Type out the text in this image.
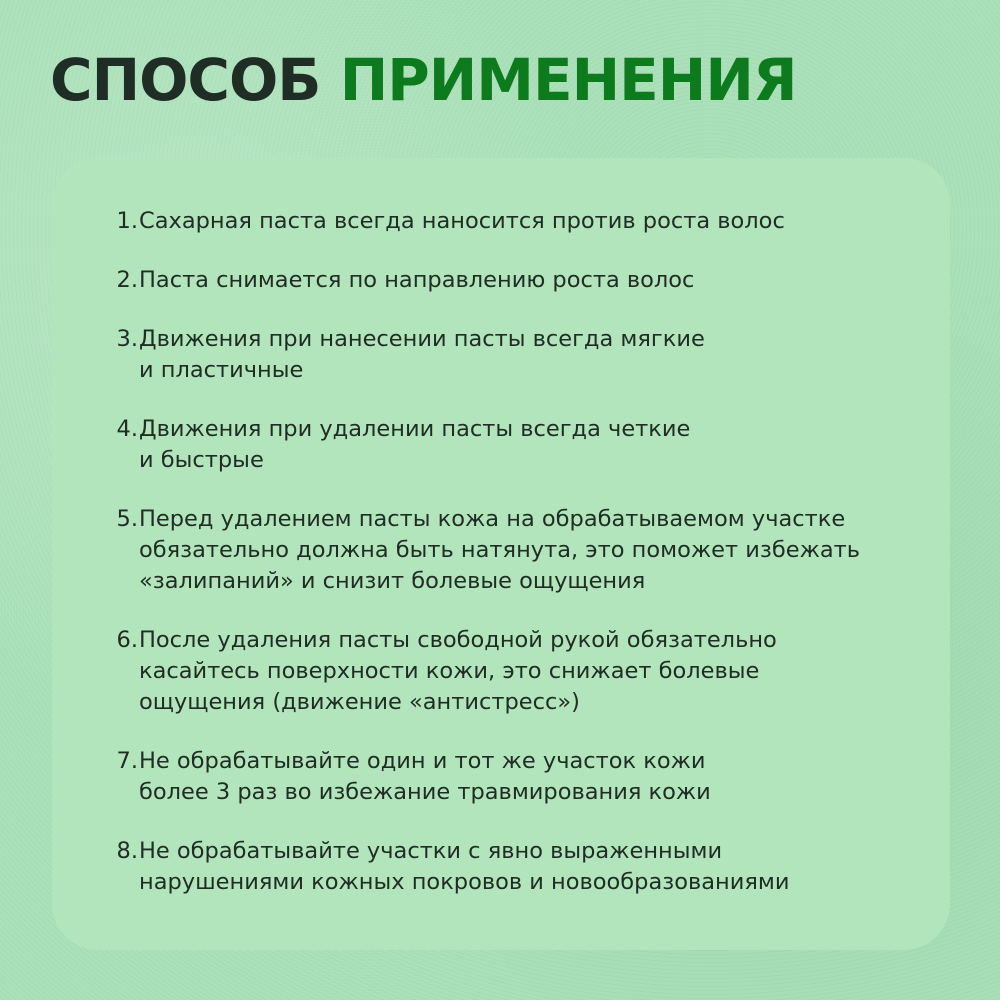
СПОСОБ ПРИМЕНЕНИЯ
1. Сахарная паста всегда наносится против роста волос
2. Паста снимается по направлению роста волос
3. Движения при нанесении пасты всегда мягкие
и пластичные
4. Движения при удалении пасты всегда четкие
и быстрые
5. Перед удалением пасты кожа на обрабатываемом участке
обязательно должна быть натянута, это поможет избежать
«залипаний» и снизит болевые ощущения
6. После удаления пасты свободной рукой обязательно
касайтесь поверхности кожи, это снижает болевые
ощущения (движение «антистресс»)
7. Не обрабатывайте один и тот же участок кожи
более 3 раз во избежание травмирования кожи
8. Не обрабатывайте участки с явно выраженными
нарушениями кожных покровов и новообразованиями
